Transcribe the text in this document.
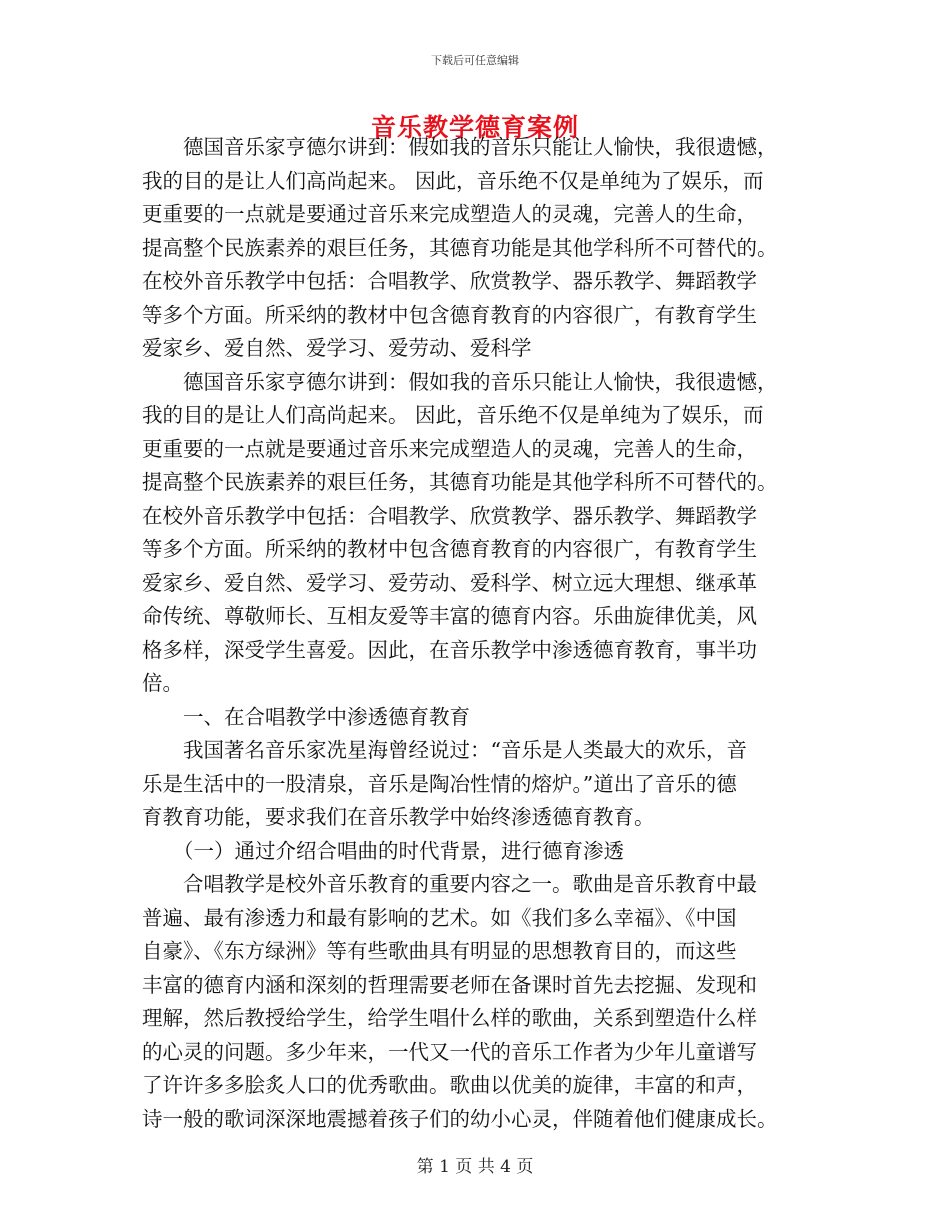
下载后可任意编辑
音乐教学德育案例
德国音乐家亨德尔讲到：假如我的音乐只能让人愉快，我很遗憾，
我的目的是让人们高尚起来。 因此，音乐绝不仅是单纯为了娱乐，而
更重要的一点就是要通过音乐来完成塑造人的灵魂，完善人的生命，
提高整个民族素养的艰巨任务，其德育功能是其他学科所不可替代的。
在校外音乐教学中包括：合唱教学、欣赏教学、器乐教学、舞蹈教学
等多个方面。所采纳的教材中包含德育教育的内容很广，有教育学生
爱家乡、爱自然、爱学习、爱劳动、爱科学
德国音乐家亨德尔讲到：假如我的音乐只能让人愉快，我很遗憾，
我的目的是让人们高尚起来。 因此，音乐绝不仅是单纯为了娱乐，而
更重要的一点就是要通过音乐来完成塑造人的灵魂，完善人的生命，
提高整个民族素养的艰巨任务，其德育功能是其他学科所不可替代的。
在校外音乐教学中包括：合唱教学、欣赏教学、器乐教学、舞蹈教学
等多个方面。所采纳的教材中包含德育教育的内容很广，有教育学生
爱家乡、爱自然、爱学习、爱劳动、爱科学、树立远大理想、继承革
命传统、尊敬师长、互相友爱等丰富的德育内容。乐曲旋律优美，风
格多样，深受学生喜爱。因此，在音乐教学中渗透德育教育，事半功
倍。
一、在合唱教学中渗透德育教育
我国著名音乐家冼星海曾经说过：“音乐是人类最大的欢乐，音
乐是生活中的一股清泉，音乐是陶冶性情的熔炉。”道出了音乐的德
育教育功能，要求我们在音乐教学中始终渗透德育教育。
（一）通过介绍合唱曲的时代背景，进行德育渗透
合唱教学是校外音乐教育的重要内容之一。歌曲是音乐教育中最
普遍、最有渗透力和最有影响的艺术。如《我们多么幸福》、《中国
自豪》、《东方绿洲》等有些歌曲具有明显的思想教育目的，而这些
丰富的德育内涵和深刻的哲理需要老师在备课时首先去挖掘、发现和
理解，然后教授给学生，给学生唱什么样的歌曲，关系到塑造什么样
的心灵的问题。多少年来，一代又一代的音乐工作者为少年儿童谱写
了许许多多脍炙人口的优秀歌曲。歌曲以优美的旋律，丰富的和声，
诗一般的歌词深深地震撼着孩子们的幼小心灵，伴随着他们健康成长。
第 1 页 共 4 页
